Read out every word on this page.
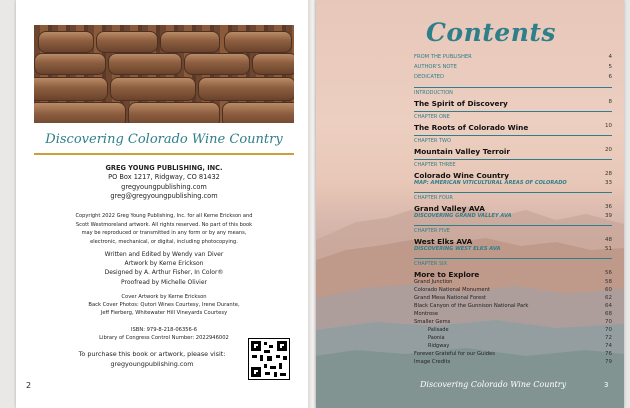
Discovering Colorado Wine Country
GREG YOUNG PUBLISHING, INC.
PO Box 1217, Ridgway, CO 81432
gregyoungpublishing.com
greg@gregyoungpublishing.com
Copyright 2022 Greg Young Publishing, Inc. for all Kerne Erickson and
Scott Westmoreland artwork. All rights reserved. No part of this book
may be reproduced or transmitted in any form or by any means,
electronic, mechanical, or digital, including photocopying.
Written and Edited by Wendy van Diver
Artwork by Kerne Erickson
Designed by A. Arthur Fisher, In Color®
Proofread by Michelle Olivier
Cover Artwork by Kerne Erickson
Back Cover Photos: Qutori Wines Courtesy, Irene Durante,
Jeff Fierberg, Whitewater Hill Vineyards Courtesy
ISBN: 979-8-218-06356-6
Library of Congress Control Number: 2022946002
To purchase this book or artwork, please visit:
gregyoungpublishing.com
2
Contents
FROM THE PUBLISHER	4
AUTHOR'S NOTE	5
DEDICATED	6
INTRODUCTION
The Spirit of Discovery	8
CHAPTER ONE
The Roots of Colorado Wine	10
CHAPTER TWO
Mountain Valley Terroir	20
CHAPTER THREE
Colorado Wine Country	28
MAP: AMERICAN VITICULTURAL AREAS OF COLORADO	33
CHAPTER FOUR
Grand Valley AVA	36
DISCOVERING GRAND VALLEY AVA	39
CHAPTER FIVE
West Elks AVA	48
DISCOVERING WEST ELKS AVA	51
CHAPTER SIX
More to Explore	56
Grand Junction	58
Colorado National Monument	60
Grand Mesa National Forest	62
Black Canyon of the Gunnison National Park	64
Montrose	68
Smaller Gems	70
Palisade	70
Paonia	72
Ridgway	74
Forever Grateful for our Guides	76
Image Credits	79
Discovering Colorado Wine Country	3
